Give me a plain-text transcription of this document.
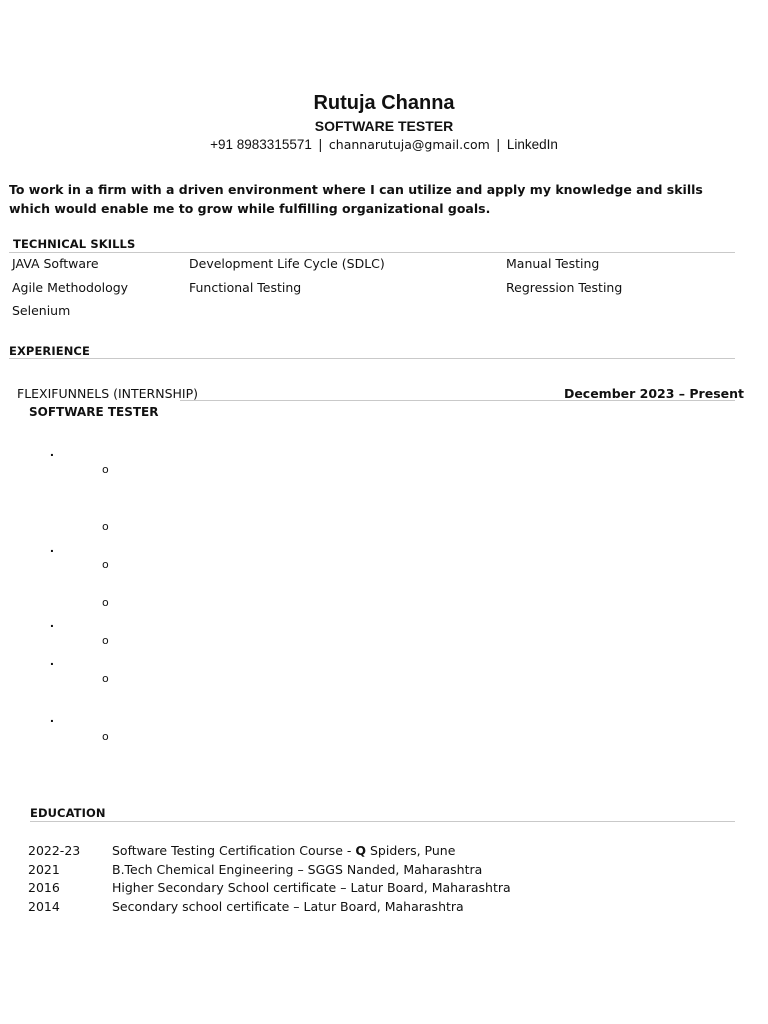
Rutuja Channa
SOFTWARE TESTER
+91 8983315571 | channarutuja@gmail.com | LinkedIn
To work in a firm with a driven environment where I can utilize and apply my knowledge and skills which would enable me to grow while fulfilling organizational goals.
TECHNICAL SKILLS
JAVA Software	Development Life Cycle (SDLC)	Manual Testing
Agile Methodology	Functional Testing	Regression Testing
Selenium
EXPERIENCE
FLEXIFUNNELS (INTERNSHIP)	December 2023 – Present
SOFTWARE TESTER
.
o
o
.
o
o
.
o
.
o
.
o
EDUCATION
2022-23	Software Testing Certification Course - Q Spiders, Pune
2021	B.Tech Chemical Engineering – SGGS Nanded, Maharashtra
2016	Higher Secondary School certificate – Latur Board, Maharashtra
2014	Secondary school certificate – Latur Board, Maharashtra
